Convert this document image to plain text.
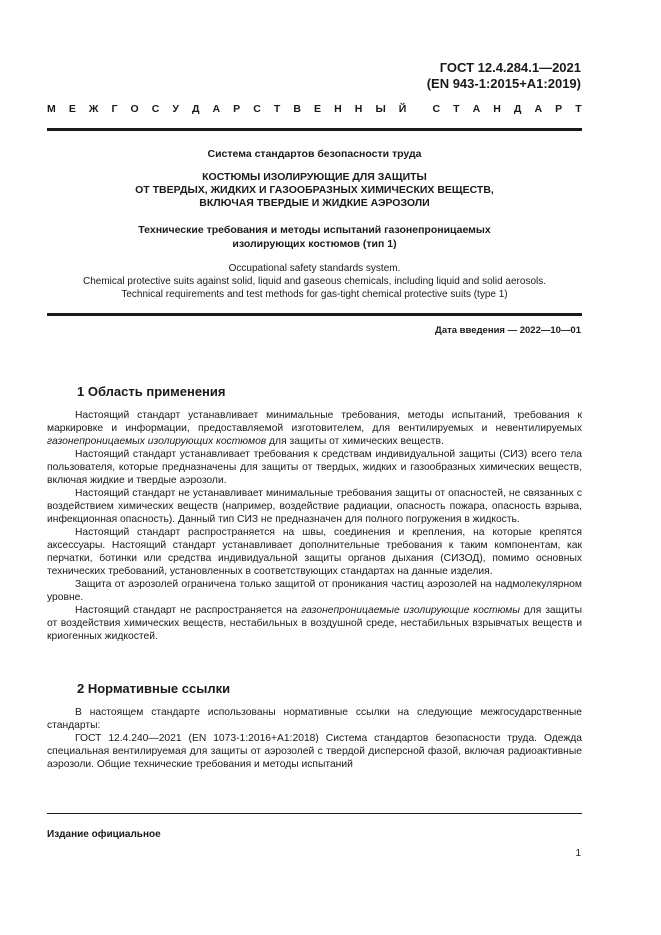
ГОСТ 12.4.284.1—2021
(EN 943-1:2015+A1:2019)
М Е Ж Г О С У Д А Р С Т В Е Н Н Ы Й С Т А Н Д А Р Т
Система стандартов безопасности труда
КОСТЮМЫ ИЗОЛИРУЮЩИЕ ДЛЯ ЗАЩИТЫ
ОТ ТВЕРДЫХ, ЖИДКИХ И ГАЗООБРАЗНЫХ ХИМИЧЕСКИХ ВЕЩЕСТВ,
ВКЛЮЧАЯ ТВЕРДЫЕ И ЖИДКИЕ АЭРОЗОЛИ
Технические требования и методы испытаний газонепроницаемых
изолирующих костюмов (тип 1)
Occupational safety standards system.
Chemical protective suits against solid, liquid and gaseous chemicals, including liquid and solid aerosols.
Technical requirements and test methods for gas-tight chemical protective suits (type 1)
Дата введения — 2022—10—01
1 Область применения

Настоящий стандарт устанавливает минимальные требования, методы испытаний, требования к маркировке и информации, предоставляемой изготовителем, для вентилируемых и невентилируемых газонепроницаемых изолирующих костюмов для защиты от химических веществ.

Настоящий стандарт устанавливает требования к средствам индивидуальной защиты (СИЗ) всего тела пользователя, которые предназначены для защиты от твердых, жидких и газообразных химических веществ, включая жидкие и твердые аэрозоли.

Настоящий стандарт не устанавливает минимальные требования защиты от опасностей, не связанных с воздействием химических веществ (например, воздействие радиации, опасность пожара, опасность взрыва, инфекционная опасность). Данный тип СИЗ не предназначен для полного погружения в жидкость.

Настоящий стандарт распространяется на швы, соединения и крепления, на которые крепятся аксессуары. Настоящий стандарт устанавливает дополнительные требования к таким компонентам, как перчатки, ботинки или средства индивидуальной защиты органов дыхания (СИЗОД), помимо основных технических требований, установленных в соответствующих стандартах на данные изделия.

Защита от аэрозолей ограничена только защитой от проникания частиц аэрозолей на надмолекулярном уровне.

Настоящий стандарт не распространяется на газонепроницаемые изолирующие костюмы для защиты от воздействия химических веществ, нестабильных в воздушной среде, нестабильных взрывчатых веществ и криогенных жидкостей.

2 Нормативные ссылки

В настоящем стандарте использованы нормативные ссылки на следующие межгосударственные стандарты:

ГОСТ 12.4.240—2021 (EN 1073-1:2016+A1:2018) Система стандартов безопасности труда. Одежда специальная вентилируемая для защиты от аэрозолей с твердой дисперсной фазой, включая радиоактивные аэрозоли. Общие технические требования и методы испытаний

Издание официальное
1
